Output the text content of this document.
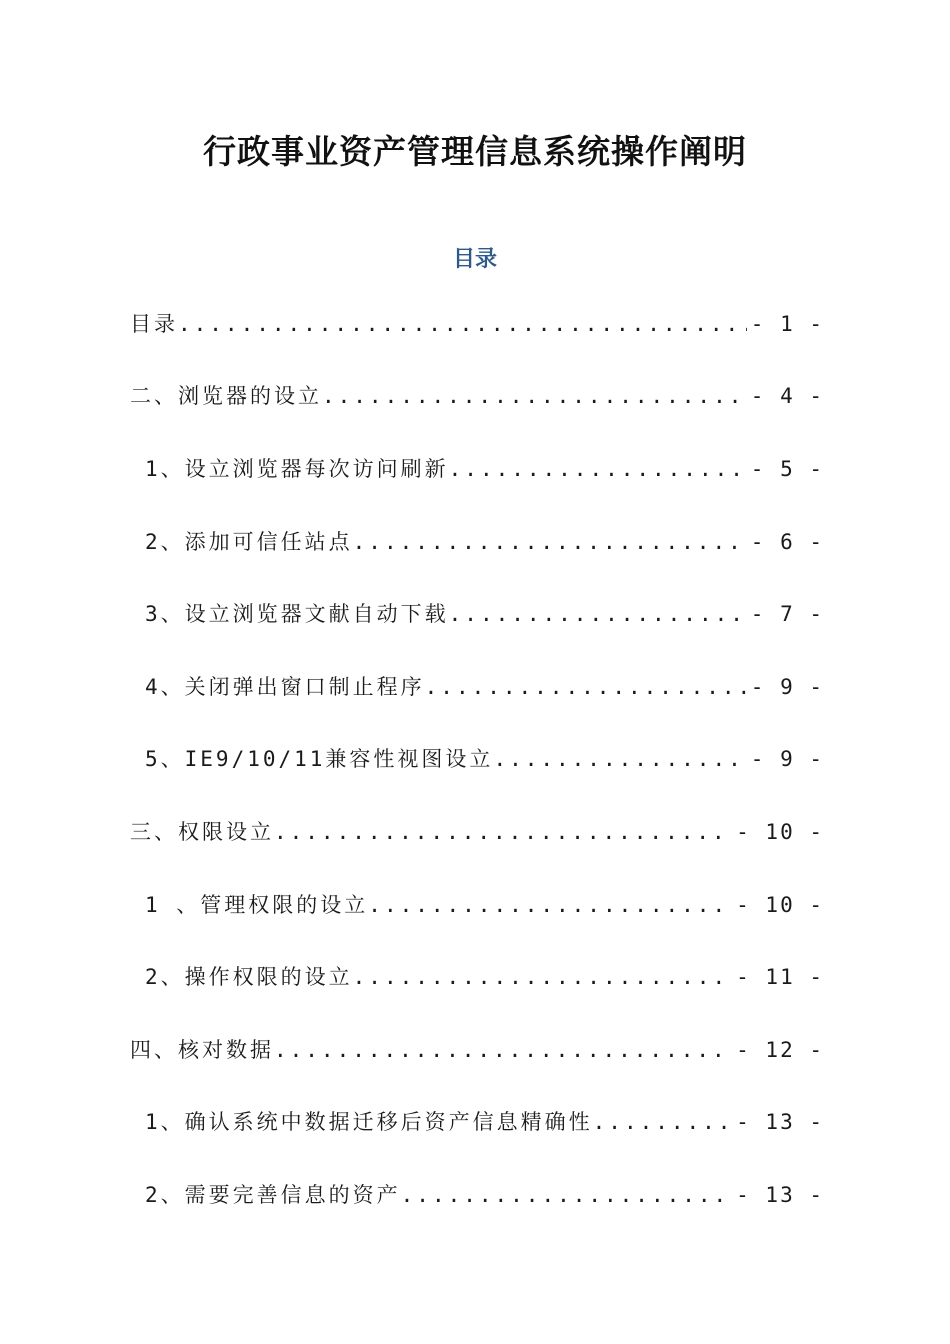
行政事业资产管理信息系统操作阐明
目录
目录 .....	- 1 -
二、浏览器的设立 .....	- 4 -
1、设立浏览器每次访问刷新 .....	- 5 -
2、添加可信任站点 .....	- 6 -
3、设立浏览器文献自动下载 .....	- 7 -
4、关闭弹出窗口制止程序 .....	- 9 -
5、IE9/10/11兼容性视图设立 .....	- 9 -
三、权限设立 .....	- 10 -
1 、管理权限的设立 .....	- 10 -
2、操作权限的设立 .....	- 11 -
四、核对数据 .....	- 12 -
1、确认系统中数据迁移后资产信息精确性 .....	- 13 -
2、需要完善信息的资产 .....	- 13 -
